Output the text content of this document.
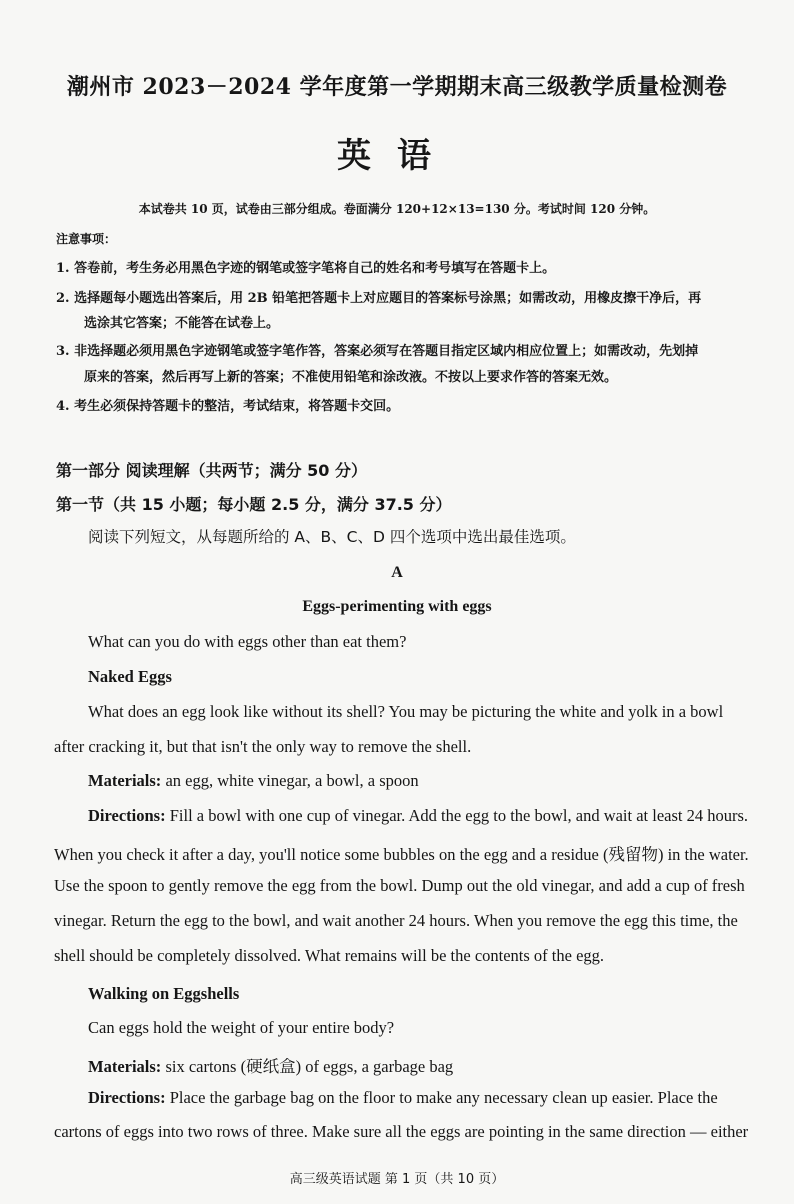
潮州市 2023－2024 学年度第一学期期末高三级教学质量检测卷
英语
本试卷共 10 页，试卷由三部分组成。卷面满分 120+12×13=130 分。考试时间 120 分钟。
注意事项：
1. 答卷前，考生务必用黑色字迹的钢笔或签字笔将自己的姓名和考号填写在答题卡上。
2. 选择题每小题选出答案后，用 2B 铅笔把答题卡上对应题目的答案标号涂黑；如需改动，用橡皮擦干净后，再
选涂其它答案；不能答在试卷上。
3. 非选择题必须用黑色字迹钢笔或签字笔作答，答案必须写在答题目指定区域内相应位置上；如需改动，先划掉
原来的答案，然后再写上新的答案；不准使用铅笔和涂改液。不按以上要求作答的答案无效。
4. 考生必须保持答题卡的整洁，考试结束，将答题卡交回。
第一部分 阅读理解（共两节；满分 50 分）
第一节（共 15 小题；每小题 2.5 分，满分 37.5 分）
阅读下列短文，从每题所给的 A、B、C、D 四个选项中选出最佳选项。
A
Eggs-perimenting with eggs
What can you do with eggs other than eat them?
Naked Eggs
What does an egg look like without its shell? You may be picturing the white and yolk in a bowl
after cracking it, but that isn't the only way to remove the shell.
Materials: an egg, white vinegar, a bowl, a spoon
Directions: Fill a bowl with one cup of vinegar. Add the egg to the bowl, and wait at least 24 hours.
When you check it after a day, you'll notice some bubbles on the egg and a residue (残留物) in the water.
Use the spoon to gently remove the egg from the bowl. Dump out the old vinegar, and add a cup of fresh
vinegar. Return the egg to the bowl, and wait another 24 hours. When you remove the egg this time, the
shell should be completely dissolved. What remains will be the contents of the egg.
Walking on Eggshells
Can eggs hold the weight of your entire body?
Materials: six cartons (硬纸盒) of eggs, a garbage bag
Directions: Place the garbage bag on the floor to make any necessary clean up easier. Place the
cartons of eggs into two rows of three. Make sure all the eggs are pointing in the same direction — either
高三级英语试题 第 1 页（共 10 页）
